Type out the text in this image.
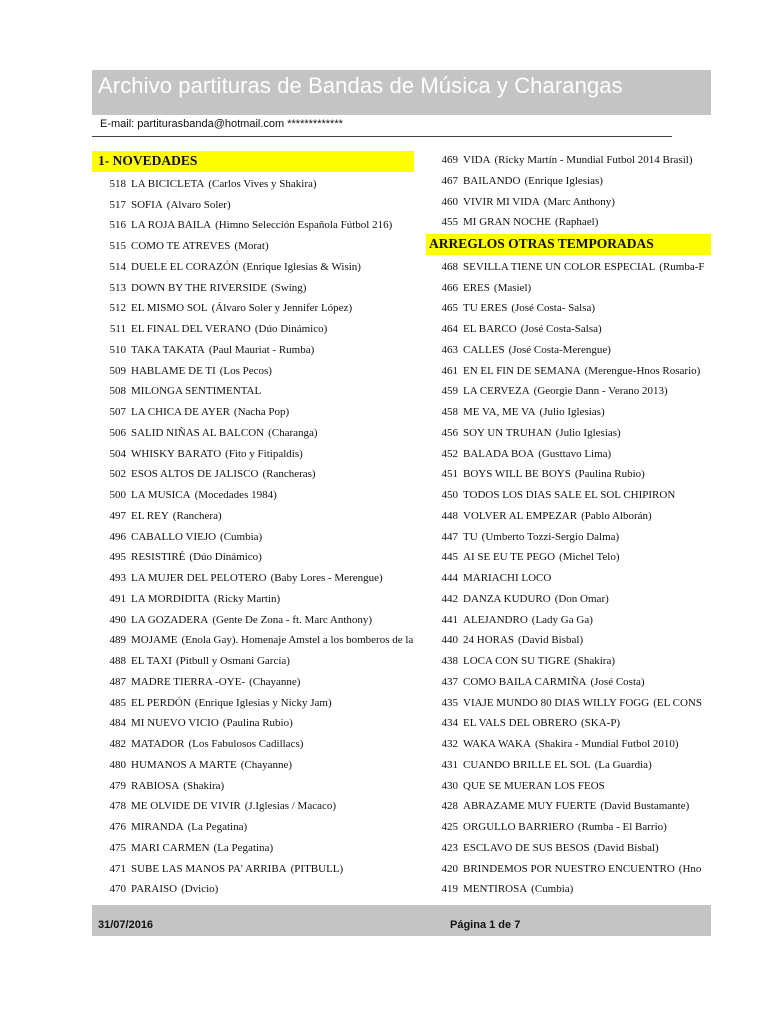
Archivo partituras de Bandas de Música y Charangas
E-mail: partiturasbanda@hotmail.com *************
1- NOVEDADES
518 LA BICICLETA (Carlos Vives y Shakira)
517 SOFIA (Alvaro Soler)
516 LA ROJA BAILA (Himno Selección Española Fútbol 216)
515 COMO TE ATREVES (Morat)
514 DUELE EL CORAZÓN (Enrique Iglesias & Wisin)
513 DOWN BY THE RIVERSIDE (Swing)
512 EL MISMO SOL (Álvaro Soler y Jennifer López)
511 EL FINAL DEL VERANO (Dúo Dinámico)
510 TAKA TAKATA (Paul Mauriat - Rumba)
509 HABLAME DE TI (Los Pecos)
508 MILONGA SENTIMENTAL
507 LA CHICA DE AYER (Nacha Pop)
506 SALID NIÑAS AL BALCON (Charanga)
504 WHISKY BARATO (Fito y Fitipaldis)
502 ESOS ALTOS DE JALISCO (Rancheras)
500 LA MUSICA (Mocedades 1984)
497 EL REY (Ranchera)
496 CABALLO VIEJO (Cumbia)
495 RESISTIRÉ (Dúo Dinámico)
493 LA MUJER DEL PELOTERO (Baby Lores - Merengue)
491 LA MORDIDITA (Ricky Martin)
490 LA GOZADERA (Gente De Zona - ft. Marc Anthony)
489 MOJAME (Enola Gay). Homenaje Amstel a los bomberos de la
488 EL TAXI (Pitbull y Osmani García)
487 MADRE TIERRA -OYE- (Chayanne)
485 EL PERDÓN (Enrique Iglesias y Nicky Jam)
484 MI NUEVO VICIO (Paulina Rubio)
482 MATADOR (Los Fabulosos Cadillacs)
480 HUMANOS A MARTE (Chayanne)
479 RABIOSA (Shakira)
478 ME OLVIDE DE VIVIR (J.Iglesias / Macaco)
476 MIRANDA (La Pegatina)
475 MARI CARMEN (La Pegatina)
471 SUBE LAS MANOS PA' ARRIBA (PITBULL)
470 PARAISO (Dvicio)
469 VIDA (Ricky Martín - Mundial Futbol 2014 Brasil)
467 BAILANDO (Enrique Iglesias)
460 VIVIR MI VIDA (Marc Anthony)
455 MI GRAN NOCHE (Raphael)
ARREGLOS OTRAS TEMPORADAS
468 SEVILLA TIENE UN COLOR ESPECIAL (Rumba-F
466 ERES (Masiel)
465 TU ERES (José Costa- Salsa)
464 EL BARCO (José Costa-Salsa)
463 CALLES (José Costa-Merengue)
461 EN EL FIN DE SEMANA (Merengue-Hnos Rosario)
459 LA CERVEZA (Georgie Dann - Verano 2013)
458 ME VA, ME VA (Julio Iglesias)
456 SOY UN TRUHAN (Julio Iglesias)
452 BALADA BOA (Gusttavo Lima)
451 BOYS WILL BE BOYS (Paulina Rubio)
450 TODOS LOS DIAS SALE EL SOL CHIPIRON
448 VOLVER AL EMPEZAR (Pablo Alborán)
447 TU (Umberto Tozzi-Sergio Dalma)
445 AI SE EU TE PEGO (Michel Telo)
444 MARIACHI LOCO
442 DANZA KUDURO (Don Omar)
441 ALEJANDRO (Lady Ga Ga)
440 24 HORAS (David Bisbal)
438 LOCA CON SU TIGRE (Shakira)
437 COMO BAILA CARMIÑA (José Costa)
435 VIAJE MUNDO 80 DIAS WILLY FOGG (EL CONS
434 EL VALS DEL OBRERO (SKA-P)
432 WAKA WAKA (Shakira - Mundial Futbol 2010)
431 CUANDO BRILLE EL SOL (La Guardia)
430 QUE SE MUERAN LOS FEOS
428 ABRAZAME MUY FUERTE (David Bustamante)
425 ORGULLO BARRIERO (Rumba - El Barrio)
423 ESCLAVO DE SUS BESOS (David Bisbal)
420 BRINDEMOS POR NUESTRO ENCUENTRO (Hno
419 MENTIROSA (Cumbia)
31/07/2016	Página 1 de 7
